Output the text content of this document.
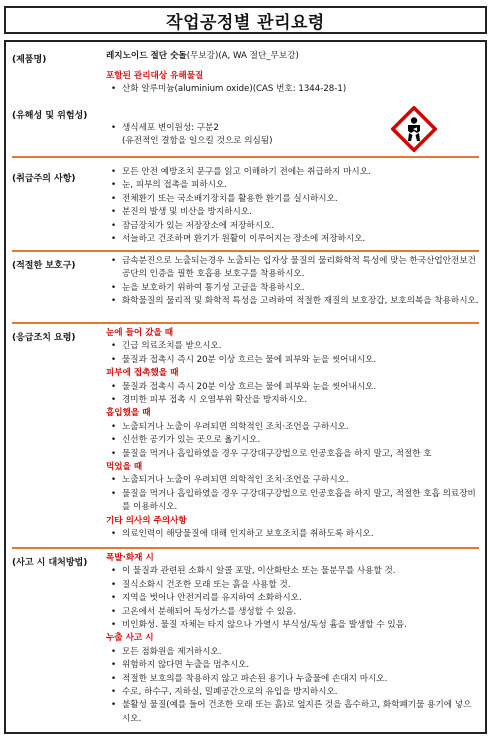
작업공정별 관리요령
(제품명)	레지노이드 절단 숫돌(무보강)(A, WA 절단_무보강)
포함된 관리대상 유해물질
• 산화 알루미늄(aluminium oxide)(CAS 번호: 1344-28-1)
(유해성 및 위험성)
• 생식세포 변이원성: 구분2
(유전적인 결함을 일으킬 것으로 의심됨)
(취급주의 사항)
• 모든 안전 예방조치 문구를 읽고 이해하기 전에는 취급하지 마시오.
• 눈, 피부의 접촉을 피하시오.
• 전체환기 또는 국소배기장치를 활용한 환기를 실시하시오.
• 분진의 발생 및 비산을 방지하시오.
• 잠금장치가 있는 저장장소에 저장하시오.
• 서늘하고 건조하며 환기가 원활이 이루어지는 장소에 저장하시오.
(적절한 보호구)
•	금속분진으로 노출되는경우 노출되는 입자상 물질의 물리화학적 특성에 맞는 한국산업안전보건공단의 인증을 필한 호흡용 보호구를 착용하시오.
• 눈을 보호하기 위하여 통기성 고글을 착용하시오.
• 화학물질의 물리적 및 화학적 특성을 고려하여 적절한 재질의 보호장갑, 보호의복을 착용하시오.
(응급조치 요령)	눈에 들어 갔을 때
• 긴급 의료조치를 받으시오.
• 물질과 접촉시 즉시 20분 이상 흐르는 물에 피부와 눈을 씻어내시오.
피부에 접촉했을 때
• 물질과 접촉시 즉시 20분 이상 흐르는 물에 피부와 눈을 씻어내시오.
• 경미한 피부 접촉 시 오염부위 확산을 방지하시오.
흡입했을 때
• 노출되거나 노출이 우려되면 의학적인 조치·조언을 구하시오.
• 신선한 공기가 있는 곳으로 옮기시오.
• 물질을 먹거나 흡입하였을 경우 구강대구강법으로 인공호흡을 하지 말고, 적절한 호
먹었을 때
• 노출되거나 노출이 우려되면 의학적인 조치·조언을 구하시오.
• 물질을 먹거나 흡입하였을 경우 구강대구강법으로 인공호흡을 하지 말고, 적절한 호흡 의료장비를 이용하시오.
기타 의사의 주의사항
• 의료인력이 해당물질에 대해 인지하고 보호조치를 취하도록 하시오.
(사고 시 대처방법) 폭발·화재 시
• 이 물질과 관련된 소화시 알콜 포말, 이산화탄소 또는 물분무를 사용할 것.
• 질식소화시 건조한 모래 또는 흙을 사용할 것.
• 지역을 벗어나 안전거리를 유지하여 소화하시오.
• 고온에서 분해되어 독성가스를 생성할 수 있음.
• 비인화성. 물질 자체는 타지 않으나 가열시 부식성/독성 흄을 발생할 수 있음.
누출 사고 시
• 모든 점화원을 제거하시오.
• 위험하지 않다면 누출을 멈추시오.
• 적절한 보호의를 착용하지 않고 파손된 용기나 누출물에 손대지 마시오.
• 수로, 하수구, 지하실, 밀폐공간으로의 유입을 방지하시오.
• 불활성 물질(예를 들어 건조한 모래 또는 흙)로 엎지른 것을 흡수하고, 화학폐기물 용기에 넣으시오.
